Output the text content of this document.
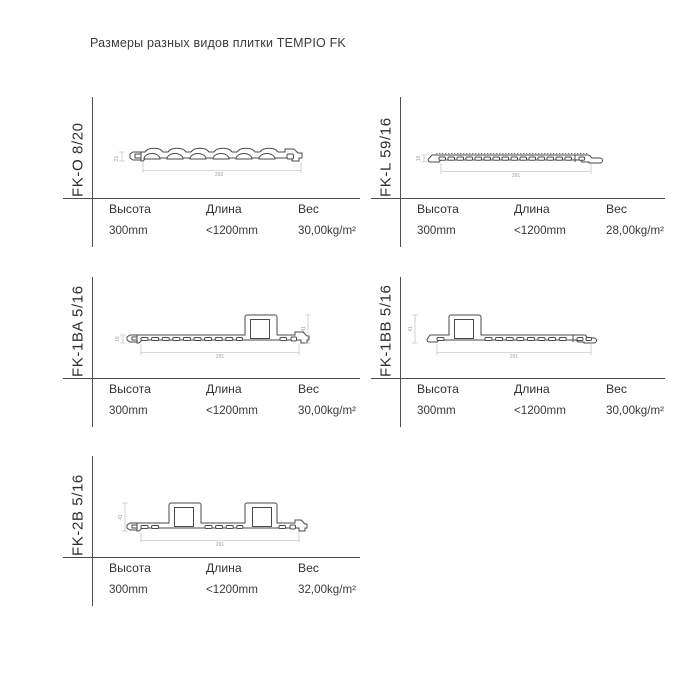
Размеры разных видов плитки TEMPIO FK
FK-O 8/20	292
21
Высота	Длина	Вес
300mm	<1200mm	30,00kg/m²
FK-L 59/16	291
16
Высота	Длина	Вес
300mm	<1200mm	28,00kg/m²
FK-1BA 5/16	291
16
41
Высота	Длина	Вес
300mm	<1200mm	30,00kg/m²
FK-1BB 5/16	291
41
Высота	Длина	Вес
300mm	<1200mm	30,00kg/m²
FK-2B 5/16	291
41
Высота	Длина	Вес
300mm	<1200mm	32,00kg/m²
